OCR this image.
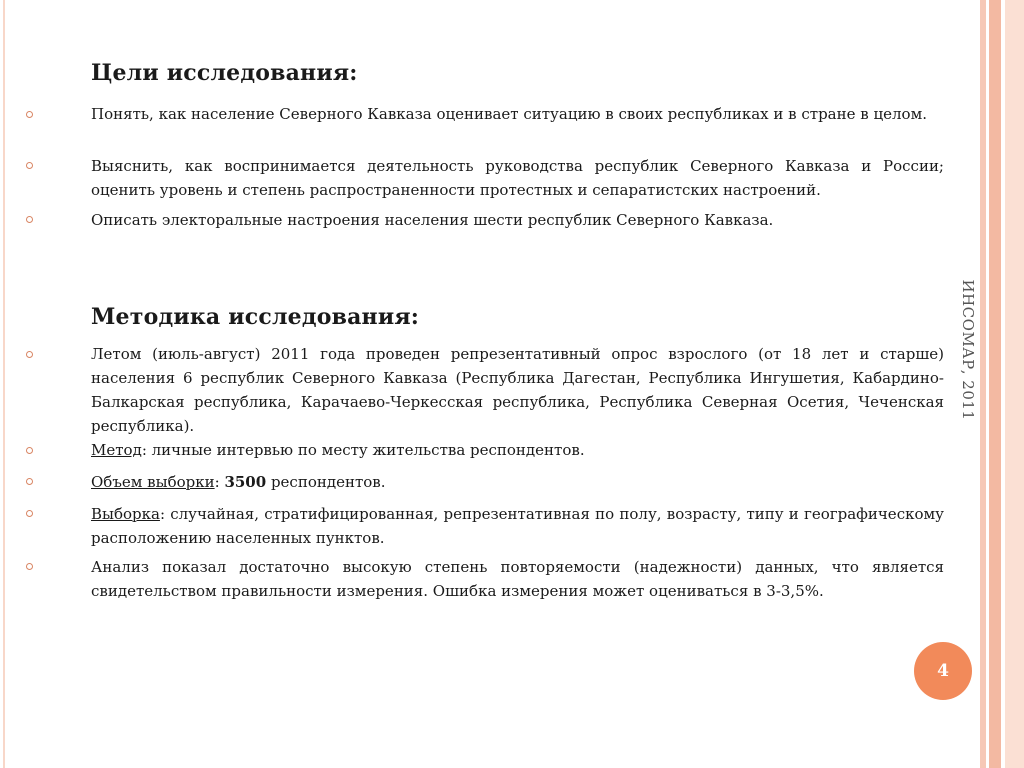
ИНСОМАР, 2011
Цели исследования:
Понять, как население Северного Кавказа оценивает ситуацию в своих республиках и в стране в целом.
Выяснить, как воспринимается деятельность руководства республик Северного Кавказа и России; оценить уровень и степень распространенности протестных и сепаратистских настроений.
Описать электоральные настроения населения шести республик Северного Кавказа.
Методика исследования:
Летом (июль-август) 2011 года проведен репрезентативный опрос взрослого (от 18 лет и старше) населения 6 республик Северного Кавказа (Республика Дагестан, Республика Ингушетия, Кабардино-Балкарская республика, Карачаево-Черкесская республика, Республика Северная Осетия, Чеченская республика).
Метод: личные интервью по месту жительства респондентов.
Объем выборки: 3500 респондентов.
Выборка: случайная, стратифицированная, репрезентативная по полу, возрасту, типу и географическому расположению населенных пунктов.
Анализ показал достаточно высокую степень повторяемости (надежности) данных, что является свидетельством правильности измерения. Ошибка измерения может оцениваться в 3-3,5%.
4
